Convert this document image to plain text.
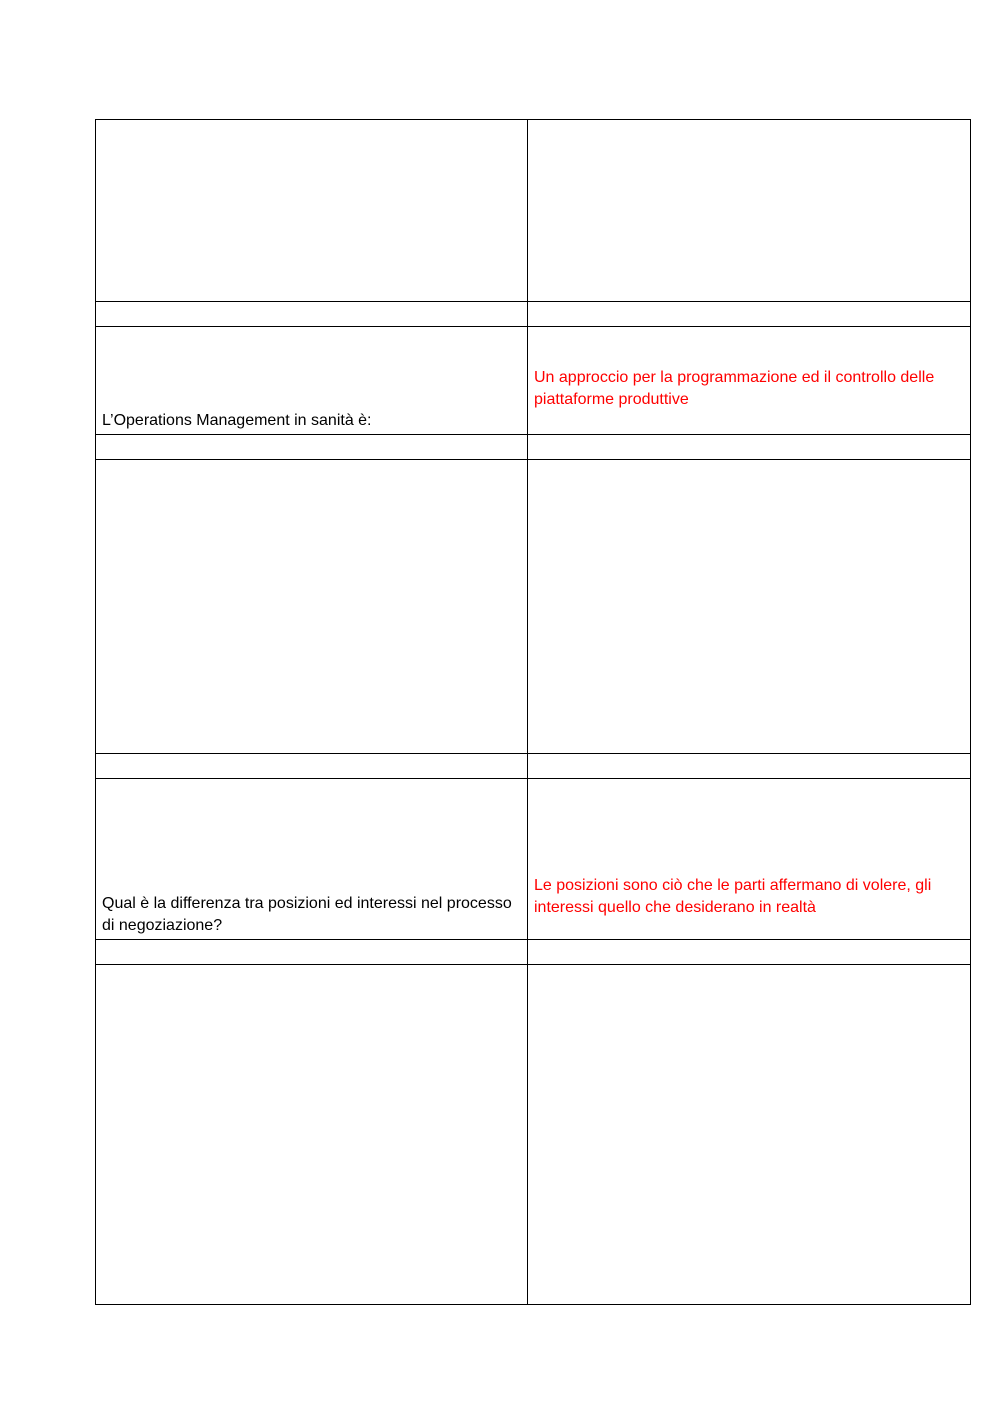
L’Operations Management in sanità è:	Un approccio per la programmazione ed il controllo delle piattaforme produttive

Qual è la differenza tra posizioni ed interessi nel processo di negoziazione?	Le posizioni sono ciò che le parti affermano di volere, gli interessi quello che desiderano in realtà
